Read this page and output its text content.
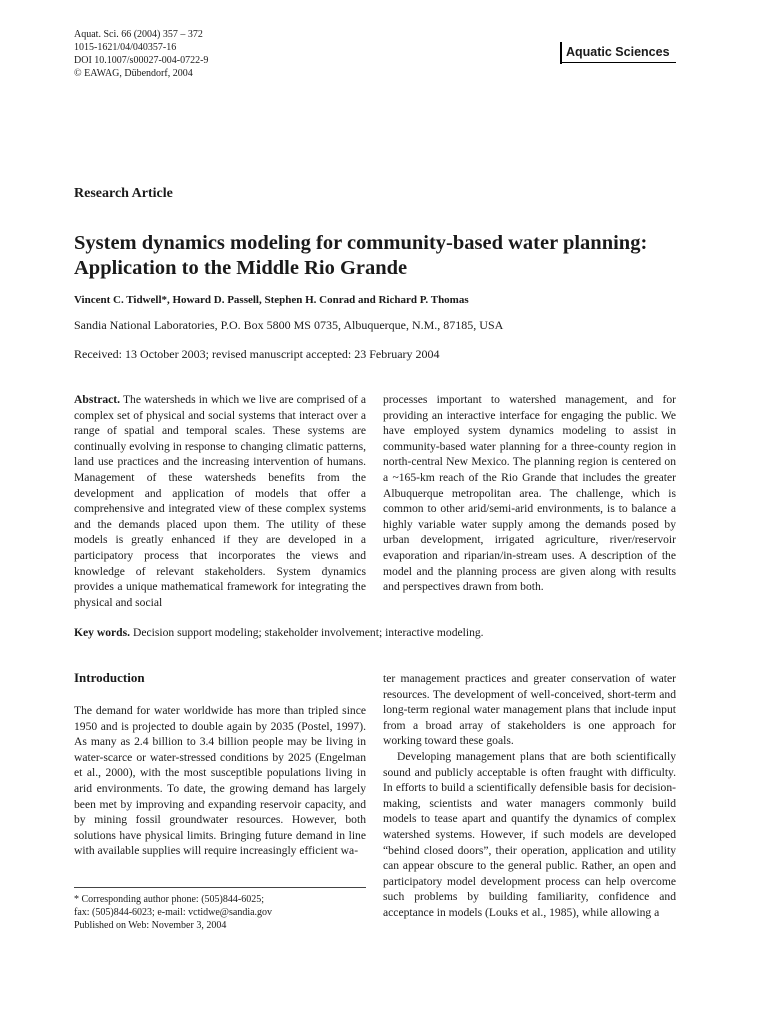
Aquat. Sci. 66 (2004) 357 – 372
1015-1621/04/040357-16
DOI 10.1007/s00027-004-0722-9
© EAWAG, Dübendorf, 2004
Aquatic Sciences
Research Article
System dynamics modeling for community-based water planning: Application to the Middle Rio Grande
Vincent C. Tidwell*, Howard D. Passell, Stephen H. Conrad and Richard P. Thomas
Sandia National Laboratories, P.O. Box 5800 MS 0735, Albuquerque, N.M., 87185, USA
Received: 13 October 2003; revised manuscript accepted: 23 February 2004
Abstract. The watersheds in which we live are comprised of a complex set of physical and social systems that interact over a range of spatial and temporal scales. These systems are continually evolving in response to changing climatic patterns, land use practices and the increasing intervention of humans. Management of these watersheds benefits from the development and application of models that offer a comprehensive and integrated view of these complex systems and the demands placed upon them. The utility of these models is greatly enhanced if they are developed in a participatory process that incorporates the views and knowledge of relevant stakeholders. System dynamics provides a unique mathematical framework for integrating the physical and social
processes important to watershed management, and for providing an interactive interface for engaging the public. We have employed system dynamics modeling to assist in community-based water planning for a three-county region in north-central New Mexico. The planning region is centered on a ~165-km reach of the Rio Grande that includes the greater Albuquerque metropolitan area. The challenge, which is common to other arid/semi-arid environments, is to balance a highly variable water supply among the demands posed by urban development, irrigated agriculture, river/reservoir evaporation and riparian/in-stream uses. A description of the model and the planning process are given along with results and perspectives drawn from both.
Key words. Decision support modeling; stakeholder involvement; interactive modeling.
Introduction
The demand for water worldwide has more than tripled since 1950 and is projected to double again by 2035 (Postel, 1997). As many as 2.4 billion to 3.4 billion people may be living in water-scarce or water-stressed conditions by 2025 (Engelman et al., 2000), with the most susceptible populations living in arid environments. To date, the growing demand has largely been met by improving and expanding reservoir capacity, and by mining fossil groundwater resources. However, both solutions have physical limits. Bringing future demand in line with available supplies will require increasingly efficient wa-
ter management practices and greater conservation of water resources. The development of well-conceived, short-term and long-term regional water management plans that include input from a broad array of stakeholders is one approach for working toward these goals.
Developing management plans that are both scientifically sound and publicly acceptable is often fraught with difficulty. In efforts to build a scientifically defensible basis for decision-making, scientists and water managers commonly build models to tease apart and quantify the dynamics of complex watershed systems. However, if such models are developed “behind closed doors”, their operation, application and utility can appear obscure to the general public. Rather, an open and participatory model development process can help overcome such problems by building familiarity, confidence and acceptance in models (Louks et al., 1985), while allowing a
* Corresponding author phone: (505)844-6025;
fax: (505)844-6023; e-mail: vctidwe@sandia.gov
Published on Web: November 3, 2004
